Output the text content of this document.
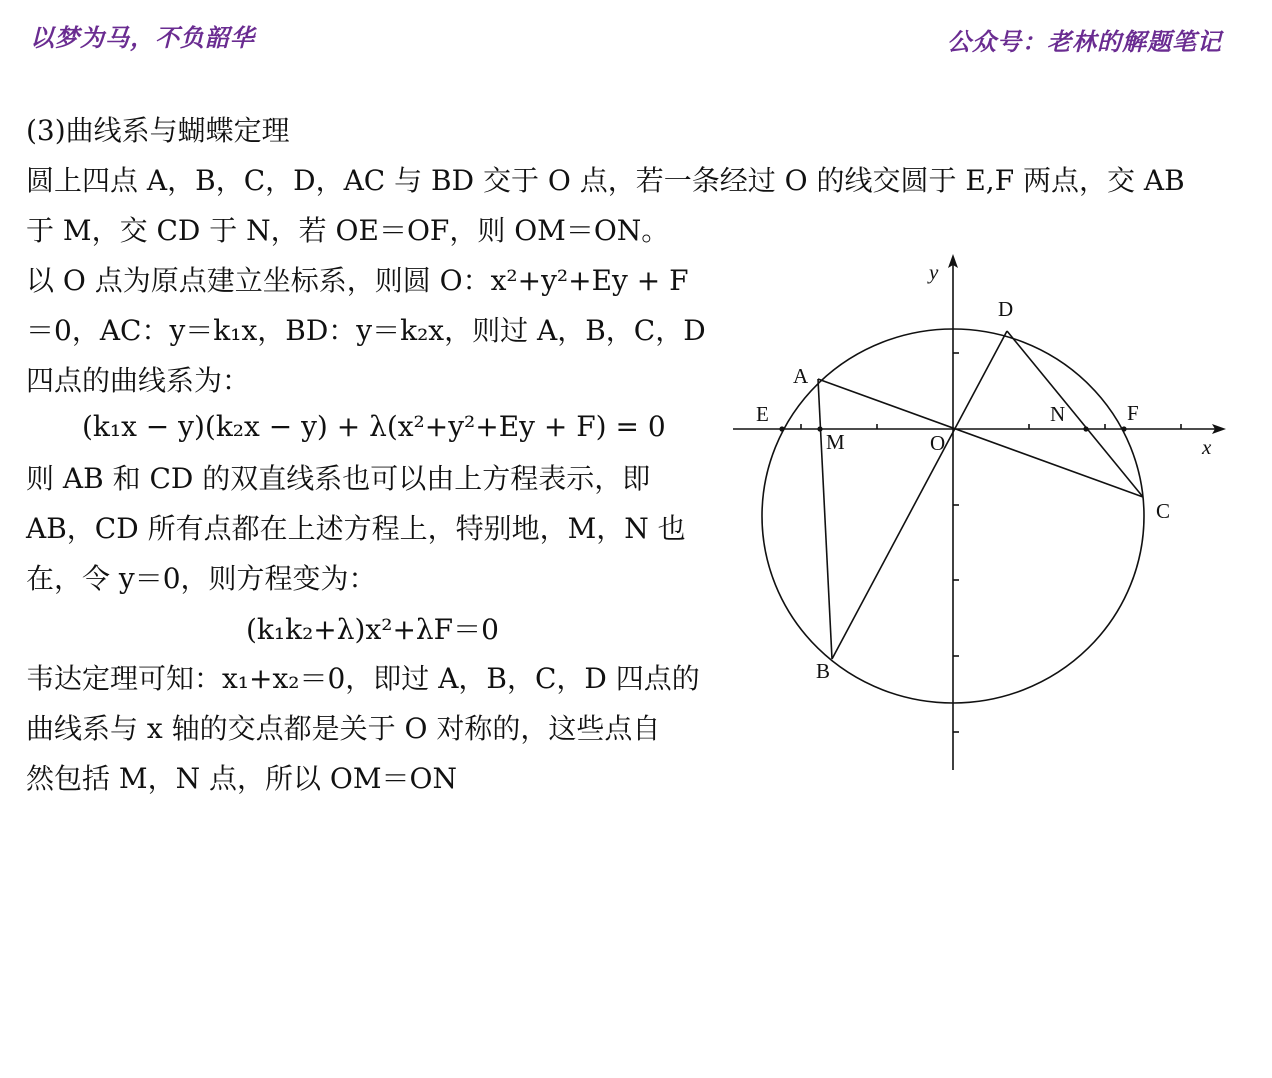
以梦为马，不负韶华	公众号：老林的解题笔记
(3)曲线系与蝴蝶定理
圆上四点 A，B，C，D，AC 与 BD 交于 O 点，若一条经过 O 的线交圆于 E,F 两点，交 AB
于 M，交 CD 于 N，若 OE＝OF，则 OM＝ON。
以 O 点为原点建立坐标系，则圆 O：x²+y²+Ey + F
＝0，AC：y＝k₁x，BD：y＝k₂x，则过 A，B，C，D
四点的曲线系为：
(k₁x − y)(k₂x − y) + λ(x²+y²+Ey + F) = 0
则 AB 和 CD 的双直线系也可以由上方程表示，即
AB，CD 所有点都在上述方程上，特别地，M，N 也
在，令 y＝0，则方程变为：
(k₁k₂+λ)x²+λF＝0
韦达定理可知：x₁+x₂＝0，即过 A，B，C，D 四点的
曲线系与 x 轴的交点都是关于 O 对称的，这些点自
然包括 M，N 点，所以 OM＝ON
y
x
O
D
A
E
M
N	F
C
B
